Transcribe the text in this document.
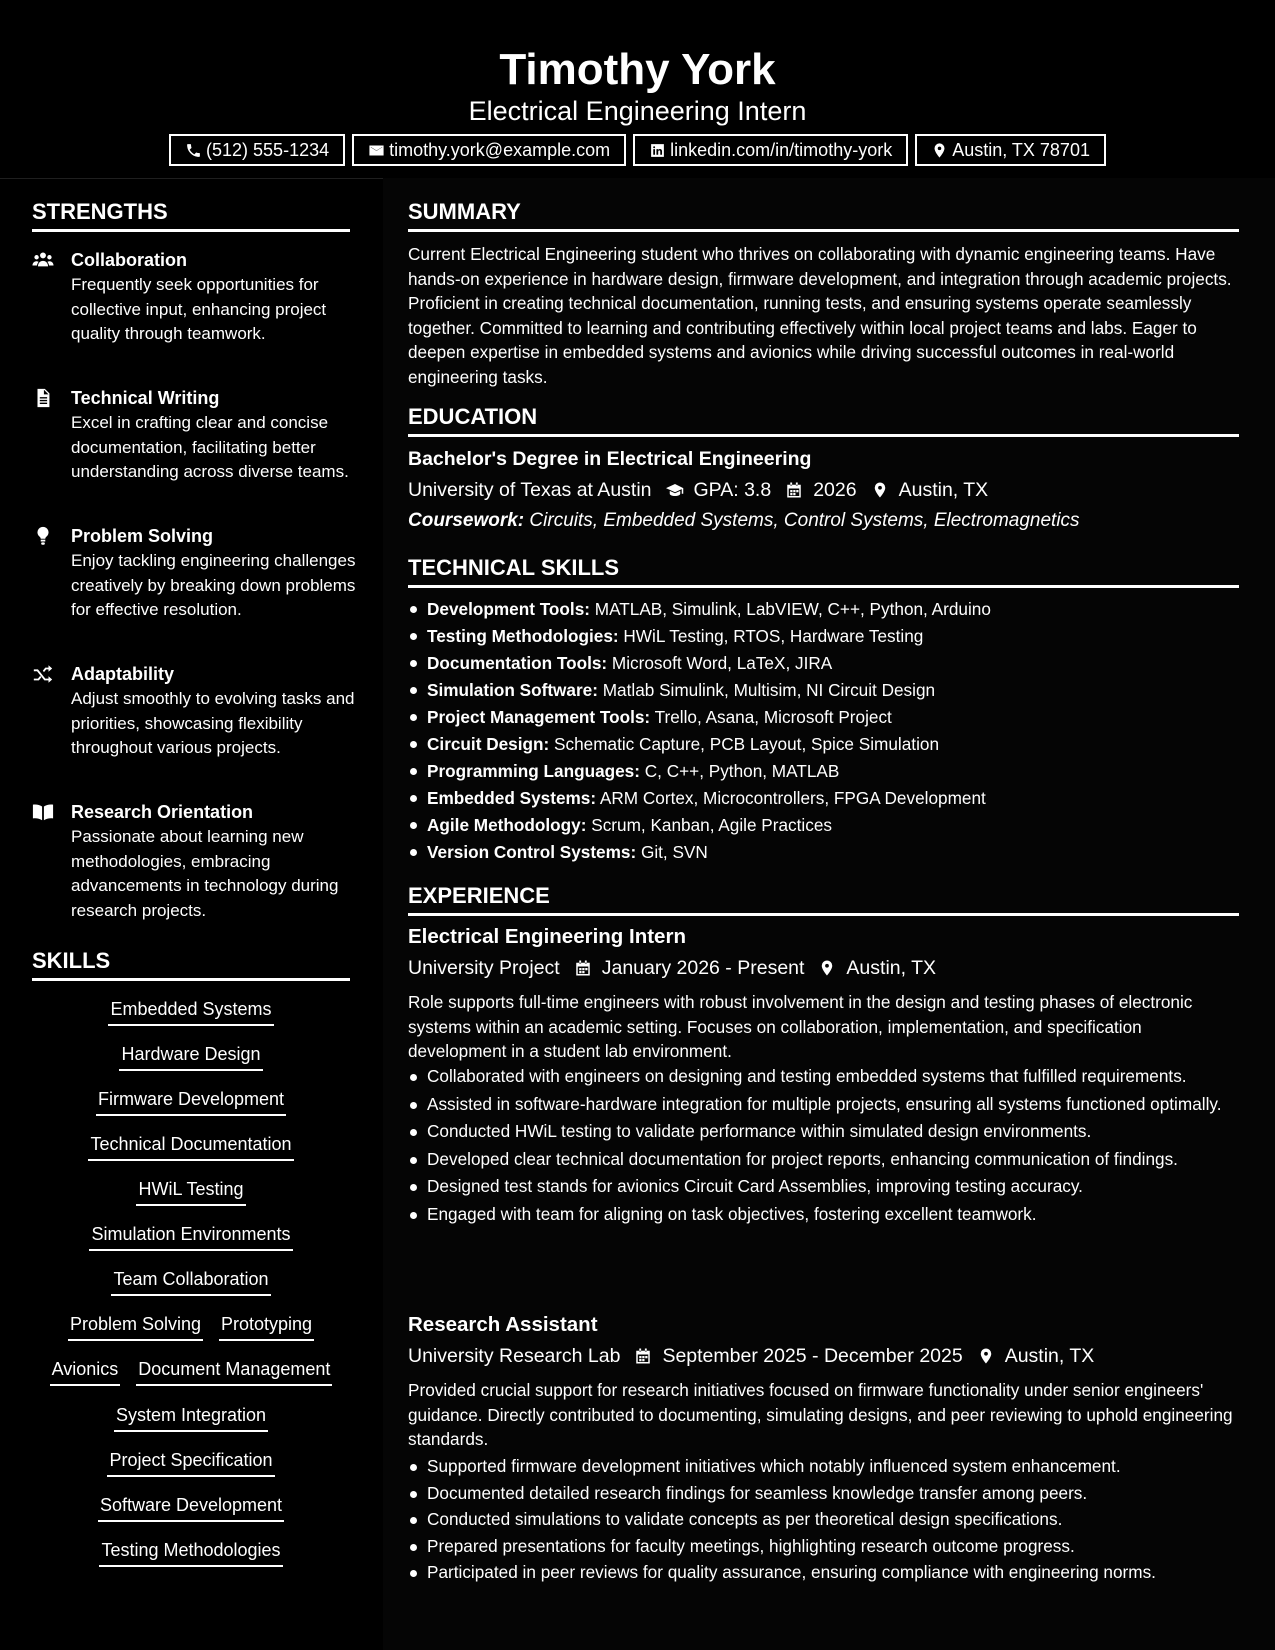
Timothy York
Electrical Engineering Intern
(512) 555-1234	timothy.york@example.com	linkedin.com/in/timothy-york	Austin, TX 78701
STRENGTHS
Collaboration
Frequently seek opportunities for collective input, enhancing project quality through teamwork.
Technical Writing
Excel in crafting clear and concise documentation, facilitating better understanding across diverse teams.
Problem Solving
Enjoy tackling engineering challenges creatively by breaking down problems for effective resolution.
Adaptability
Adjust smoothly to evolving tasks and priorities, showcasing flexibility throughout various projects.
Research Orientation
Passionate about learning new methodologies, embracing advancements in technology during research projects.
SKILLS
Embedded Systems
Hardware Design
Firmware Development
Technical Documentation
HWiL Testing
Simulation Environments
Team Collaboration
Problem Solving Prototyping
Avionics Document Management
System Integration
Project Specification
Software Development
Testing Methodologies
SUMMARY
Current Electrical Engineering student who thrives on collaborating with dynamic engineering teams. Have hands-on experience in hardware design, firmware development, and integration through academic projects. Proficient in creating technical documentation, running tests, and ensuring systems operate seamlessly together. Committed to learning and contributing effectively within local project teams and labs. Eager to deepen expertise in embedded systems and avionics while driving successful outcomes in real-world engineering tasks.
EDUCATION
Bachelor's Degree in Electrical Engineering
University of Texas at Austin GPA: 3.8 2026 Austin, TX
Coursework: Circuits, Embedded Systems, Control Systems, Electromagnetics
TECHNICAL SKILLS
Development Tools: MATLAB, Simulink, LabVIEW, C++, Python, Arduino
Testing Methodologies: HWiL Testing, RTOS, Hardware Testing
Documentation Tools: Microsoft Word, LaTeX, JIRA
Simulation Software: Matlab Simulink, Multisim, NI Circuit Design
Project Management Tools: Trello, Asana, Microsoft Project
Circuit Design: Schematic Capture, PCB Layout, Spice Simulation
Programming Languages: C, C++, Python, MATLAB
Embedded Systems: ARM Cortex, Microcontrollers, FPGA Development
Agile Methodology: Scrum, Kanban, Agile Practices
Version Control Systems: Git, SVN
EXPERIENCE
Electrical Engineering Intern
University Project January 2026 - Present Austin, TX
Role supports full-time engineers with robust involvement in the design and testing phases of electronic systems within an academic setting. Focuses on collaboration, implementation, and specification development in a student lab environment.
Collaborated with engineers on designing and testing embedded systems that fulfilled requirements.
Assisted in software-hardware integration for multiple projects, ensuring all systems functioned optimally.
Conducted HWiL testing to validate performance within simulated design environments.
Developed clear technical documentation for project reports, enhancing communication of findings.
Designed test stands for avionics Circuit Card Assemblies, improving testing accuracy.
Engaged with team for aligning on task objectives, fostering excellent teamwork.
Research Assistant
University Research Lab September 2025 - December 2025 Austin, TX
Provided crucial support for research initiatives focused on firmware functionality under senior engineers' guidance. Directly contributed to documenting, simulating designs, and peer reviewing to uphold engineering standards.
Supported firmware development initiatives which notably influenced system enhancement.
Documented detailed research findings for seamless knowledge transfer among peers.
Conducted simulations to validate concepts as per theoretical design specifications.
Prepared presentations for faculty meetings, highlighting research outcome progress.
Participated in peer reviews for quality assurance, ensuring compliance with engineering norms.
